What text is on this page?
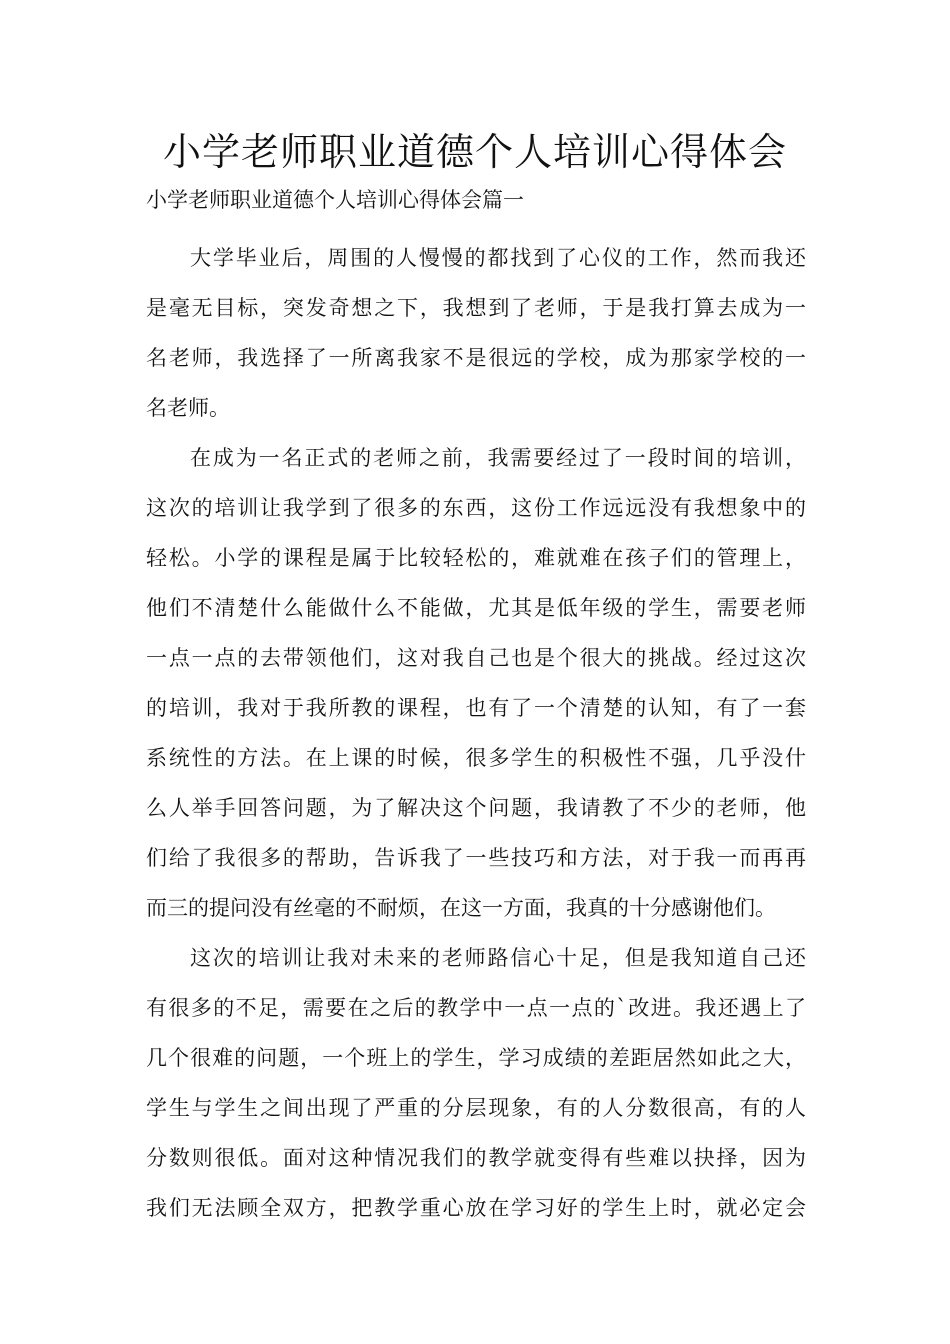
小学老师职业道德个人培训心得体会

小学老师职业道德个人培训心得体会篇一

大学毕业后，周围的人慢慢的都找到了心仪的工作，然而我还
是毫无目标，突发奇想之下，我想到了老师，于是我打算去成为一
名老师，我选择了一所离我家不是很远的学校，成为那家学校的一
名老师。
在成为一名正式的老师之前，我需要经过了一段时间的培训，
这次的培训让我学到了很多的东西，这份工作远远没有我想象中的
轻松。小学的课程是属于比较轻松的，难就难在孩子们的管理上，
他们不清楚什么能做什么不能做，尤其是低年级的学生，需要老师
一点一点的去带领他们，这对我自己也是个很大的挑战。经过这次
的培训，我对于我所教的课程，也有了一个清楚的认知，有了一套
系统性的方法。在上课的时候，很多学生的积极性不强，几乎没什
么人举手回答问题，为了解决这个问题，我请教了不少的老师，他
们给了我很多的帮助，告诉我了一些技巧和方法，对于我一而再再
而三的提问没有丝毫的不耐烦，在这一方面，我真的十分感谢他们。
这次的培训让我对未来的老师路信心十足，但是我知道自己还
有很多的不足，需要在之后的教学中一点一点的`改进。我还遇上了
几个很难的问题，一个班上的学生，学习成绩的差距居然如此之大，
学生与学生之间出现了严重的分层现象，有的人分数很高，有的人
分数则很低。面对这种情况我们的教学就变得有些难以抉择，因为
我们无法顾全双方，把教学重心放在学习好的学生上时，就必定会
